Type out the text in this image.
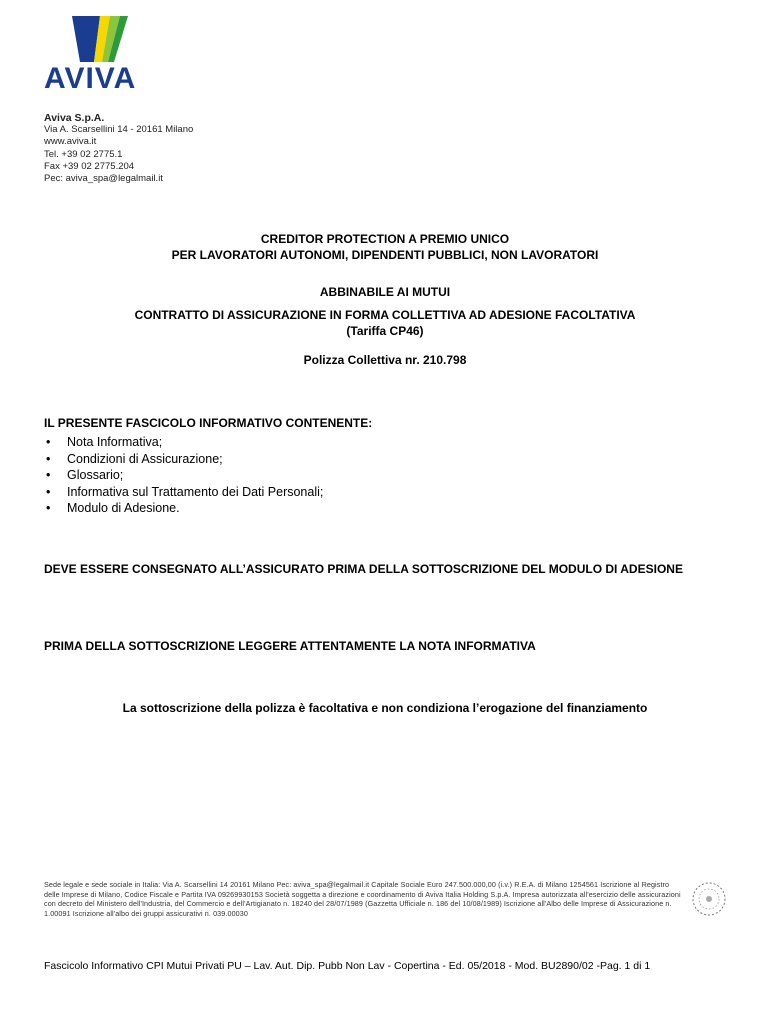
AVIVA
Aviva S.p.A.
Via A. Scarsellini 14 - 20161 Milano
www.aviva.it
Tel. +39 02 2775.1
Fax +39 02 2775.204
Pec: aviva_spa@legalmail.it
CREDITOR PROTECTION A PREMIO UNICO
PER LAVORATORI AUTONOMI, DIPENDENTI PUBBLICI, NON LAVORATORI
ABBINABILE AI MUTUI
CONTRATTO DI ASSICURAZIONE IN FORMA COLLETTIVA AD ADESIONE FACOLTATIVA
(Tariffa CP46)
Polizza Collettiva nr. 210.798
IL PRESENTE FASCICOLO INFORMATIVO CONTENENTE:
• Nota Informativa;
• Condizioni di Assicurazione;
• Glossario;
• Informativa sul Trattamento dei Dati Personali;
• Modulo di Adesione.
DEVE ESSERE CONSEGNATO ALL’ASSICURATO PRIMA DELLA SOTTOSCRIZIONE DEL MODULO DI ADESIONE
PRIMA DELLA SOTTOSCRIZIONE LEGGERE ATTENTAMENTE LA NOTA INFORMATIVA
La sottoscrizione della polizza è facoltativa e non condiziona l’erogazione del finanziamento
Sede legale e sede sociale in Italia: Via A. Scarsellini 14 20161 Milano Pec: aviva_spa@legalmail.it Capitale Sociale Euro 247.500.000,00 (i.v.) R.E.A. di Milano 1254561 Iscrizione al Registro delle Imprese di Milano, Codice Fiscale e Partita IVA 09269930153 Società soggetta a direzione e coordinamento di Aviva Italia Holding S.p.A. Impresa autorizzata all'esercizio delle assicurazioni con decreto del Ministero dell'Industria, del Commercio e dell'Artigianato n. 18240 del 28/07/1989 (Gazzetta Ufficiale n. 186 del 10/08/1989) Iscrizione all'Albo delle Imprese di Assicurazione n. 1.00091 Iscrizione all'albo dei gruppi assicurativi n. 039.00030
Fascicolo Informativo CPI Mutui Privati PU – Lav. Aut. Dip. Pubb Non Lav - Copertina - Ed. 05/2018 - Mod. BU2890/02 -Pag. 1 di 1
